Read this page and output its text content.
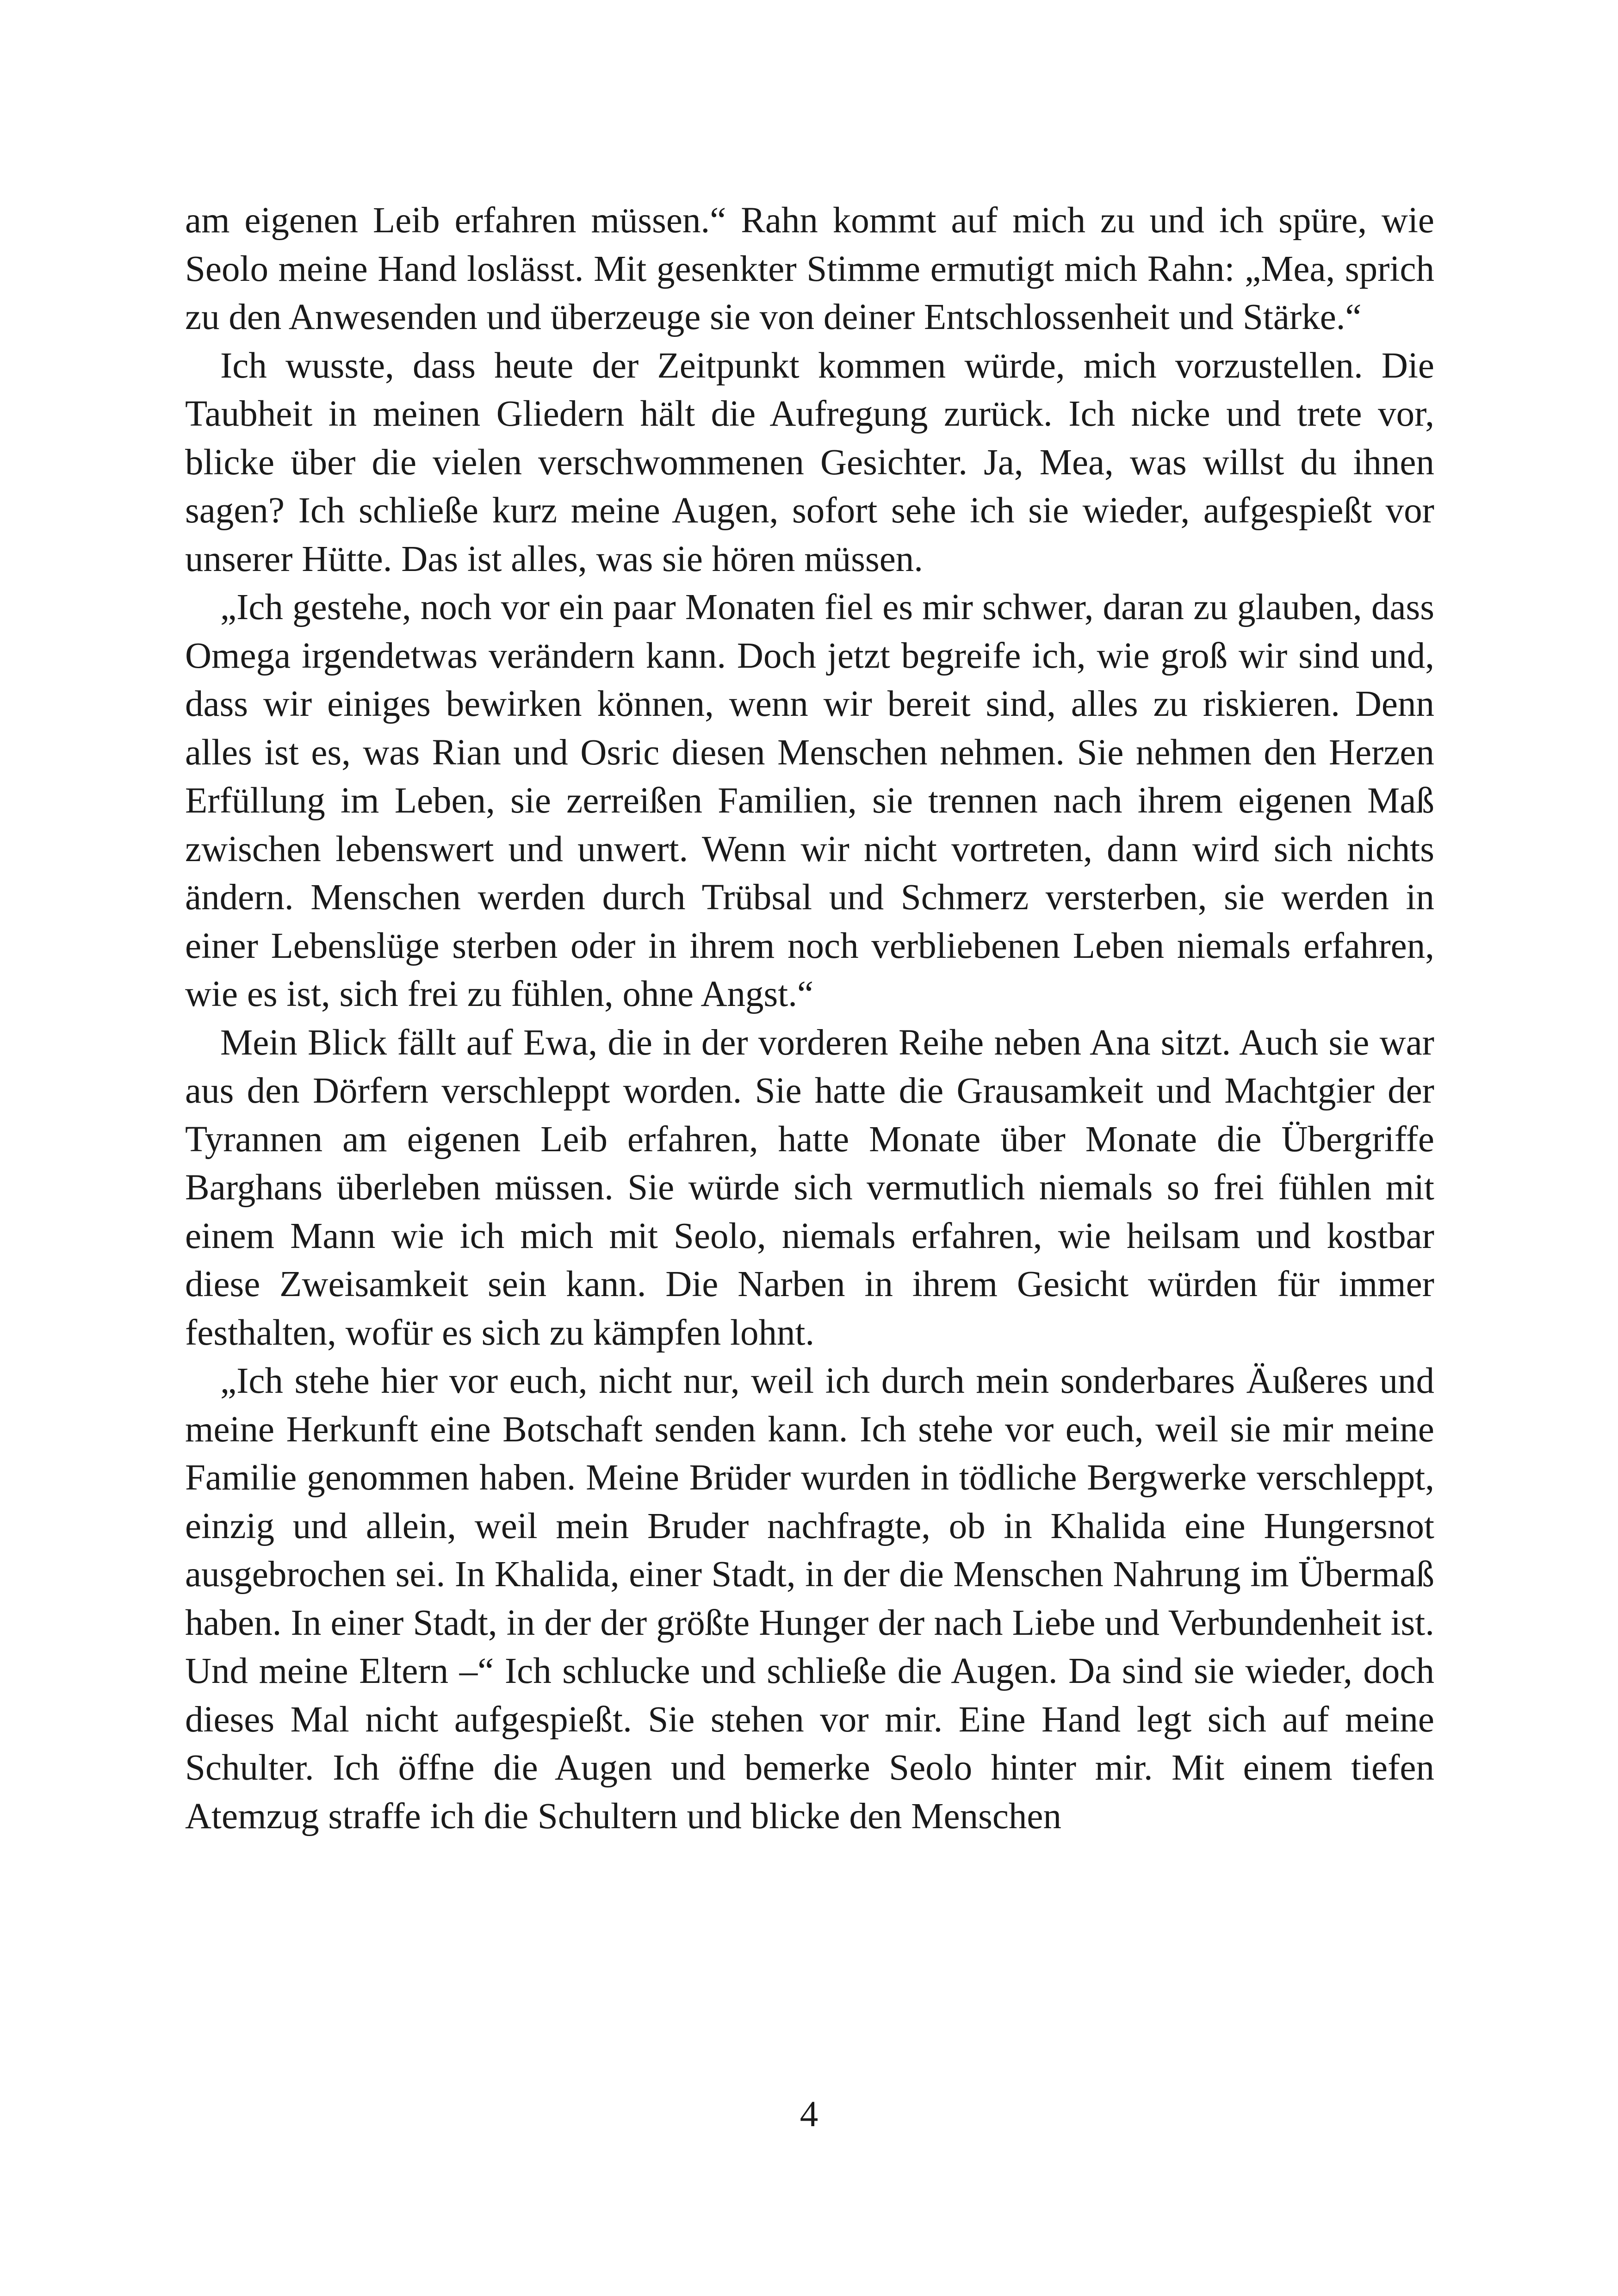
am eigenen Leib erfahren müssen.“ Rahn kommt auf mich zu und ich spüre, wie Seolo meine Hand loslässt. Mit gesenkter Stimme ermutigt mich Rahn: „Mea, sprich zu den Anwesenden und überzeuge sie von deiner Entschlossenheit und Stärke.“

Ich wusste, dass heute der Zeitpunkt kommen würde, mich vorzustellen. Die Taubheit in meinen Gliedern hält die Aufregung zurück. Ich nicke und trete vor, blicke über die vielen verschwommenen Gesichter. Ja, Mea, was willst du ihnen sagen? Ich schließe kurz meine Augen, sofort sehe ich sie wieder, aufgespießt vor unserer Hütte. Das ist alles, was sie hören müssen.

„Ich gestehe, noch vor ein paar Monaten fiel es mir schwer, daran zu glauben, dass Omega irgendetwas verändern kann. Doch jetzt begreife ich, wie groß wir sind und, dass wir einiges bewirken können, wenn wir bereit sind, alles zu riskieren. Denn alles ist es, was Rian und Osric diesen Menschen nehmen. Sie nehmen den Herzen Erfüllung im Leben, sie zerreißen Familien, sie trennen nach ihrem eigenen Maß zwischen lebenswert und unwert. Wenn wir nicht vortreten, dann wird sich nichts ändern. Menschen werden durch Trübsal und Schmerz versterben, sie werden in einer Lebenslüge sterben oder in ihrem noch verbliebenen Leben niemals erfahren, wie es ist, sich frei zu fühlen, ohne Angst.“

Mein Blick fällt auf Ewa, die in der vorderen Reihe neben Ana sitzt. Auch sie war aus den Dörfern verschleppt worden. Sie hatte die Grausamkeit und Machtgier der Tyrannen am eigenen Leib erfahren, hatte Monate über Monate die Übergriffe Barghans überleben müssen. Sie würde sich vermutlich niemals so frei fühlen mit einem Mann wie ich mich mit Seolo, niemals erfahren, wie heilsam und kostbar diese Zweisamkeit sein kann. Die Narben in ihrem Gesicht würden für immer festhalten, wofür es sich zu kämpfen lohnt.

„Ich stehe hier vor euch, nicht nur, weil ich durch mein sonderbares Äußeres und meine Herkunft eine Botschaft senden kann. Ich stehe vor euch, weil sie mir meine Familie genommen haben. Meine Brüder wurden in tödliche Bergwerke verschleppt, einzig und allein, weil mein Bruder nachfragte, ob in Khalida eine Hungersnot ausgebrochen sei. In Khalida, einer Stadt, in der die Menschen Nahrung im Übermaß haben. In einer Stadt, in der der größte Hunger der nach Liebe und Verbundenheit ist. Und meine Eltern –“ Ich schlucke und schließe die Augen. Da sind sie wieder, doch dieses Mal nicht aufgespießt. Sie stehen vor mir. Eine Hand legt sich auf meine Schulter. Ich öffne die Augen und bemerke Seolo hinter mir. Mit einem tiefen Atemzug straffe ich die Schultern und blicke den Menschen

4
